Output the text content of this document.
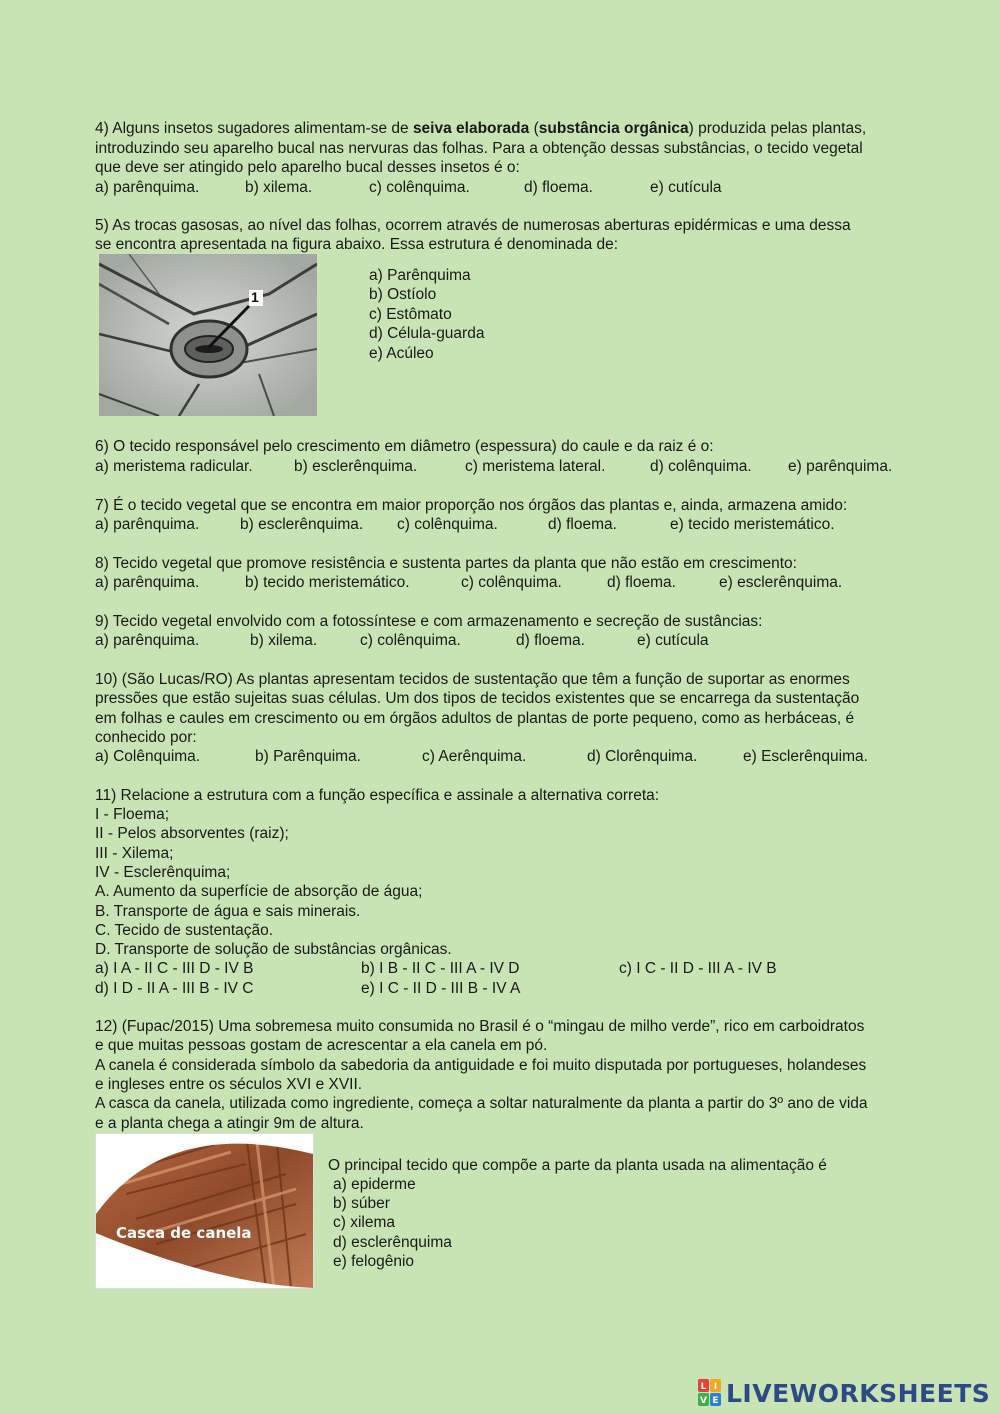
4) Alguns insetos sugadores alimentam-se de seiva elaborada (substância orgânica) produzida pelas plantas,
introduzindo seu aparelho bucal nas nervuras das folhas. Para a obtenção dessas substâncias, o tecido vegetal
que deve ser atingido pelo aparelho bucal desses insetos é o:
a) parênquima.	b) xilema.	c) colênquima.	d) floema.	e) cutícula
5) As trocas gasosas, ao nível das folhas, ocorrem através de numerosas aberturas epidérmicas e uma dessa
se encontra apresentada na figura abaixo. Essa estrutura é denominada de:
1
a) Parênquima
b) Ostíolo
c) Estômato
d) Célula-guarda
e) Acúleo
6) O tecido responsável pelo crescimento em diâmetro (espessura) do caule e da raiz é o:
a) meristema radicular.	b) esclerênquima.	c) meristema lateral.	d) colênquima. e) parênquima.
7) É o tecido vegetal que se encontra em maior proporção nos órgãos das plantas e, ainda, armazena amido:
a) parênquima.	b) esclerênquima. c) colênquima.	d) floema.	e) tecido meristemático.
8) Tecido vegetal que promove resistência e sustenta partes da planta que não estão em crescimento:
a) parênquima.	b) tecido meristemático.	c) colênquima.	d) floema.	e) esclerênquima.
9) Tecido vegetal envolvido com a fotossíntese e com armazenamento e secreção de sustâncias:
a) parênquima.	b) xilema.	c) colênquima.	d) floema.	e) cutícula
10) (São Lucas/RO) As plantas apresentam tecidos de sustentação que têm a função de suportar as enormes
pressões que estão sujeitas suas células. Um dos tipos de tecidos existentes que se encarrega da sustentação
em folhas e caules em crescimento ou em órgãos adultos de plantas de porte pequeno, como as herbáceas, é
conhecido por:
a) Colênquima.	b) Parênquima.	c) Aerênquima.	d) Clorênquima.	e) Esclerênquima.
11) Relacione a estrutura com a função específica e assinale a alternativa correta:
I - Floema;
II - Pelos absorventes (raiz);
III - Xilema;
IV - Esclerênquima;
A. Aumento da superfície de absorção de água;
B. Transporte de água e sais minerais.
C. Tecido de sustentação.
D. Transporte de solução de substâncias orgânicas.
a) I A - II C - III D - IV B	b) I B - II C - III A - IV D	c) I C - II D - III A - IV B
d) I D - II A - III B - IV C	e) I C - II D - III B - IV A
12) (Fupac/2015) Uma sobremesa muito consumida no Brasil é o “mingau de milho verde”, rico em carboidratos
e que muitas pessoas gostam de acrescentar a ela canela em pó.
A canela é considerada símbolo da sabedoria da antiguidade e foi muito disputada por portugueses, holandeses
e ingleses entre os séculos XVI e XVII.
A casca da canela, utilizada como ingrediente, começa a soltar naturalmente da planta a partir do 3º ano de vida
e a planta chega a atingir 9m de altura.
Casca de canela
O principal tecido que compõe a parte da planta usada na alimentação é
a) epiderme
b) súber
c) xilema
d) esclerênquima
e) felogênio
L I
V E LIVEWORKSHEETS
